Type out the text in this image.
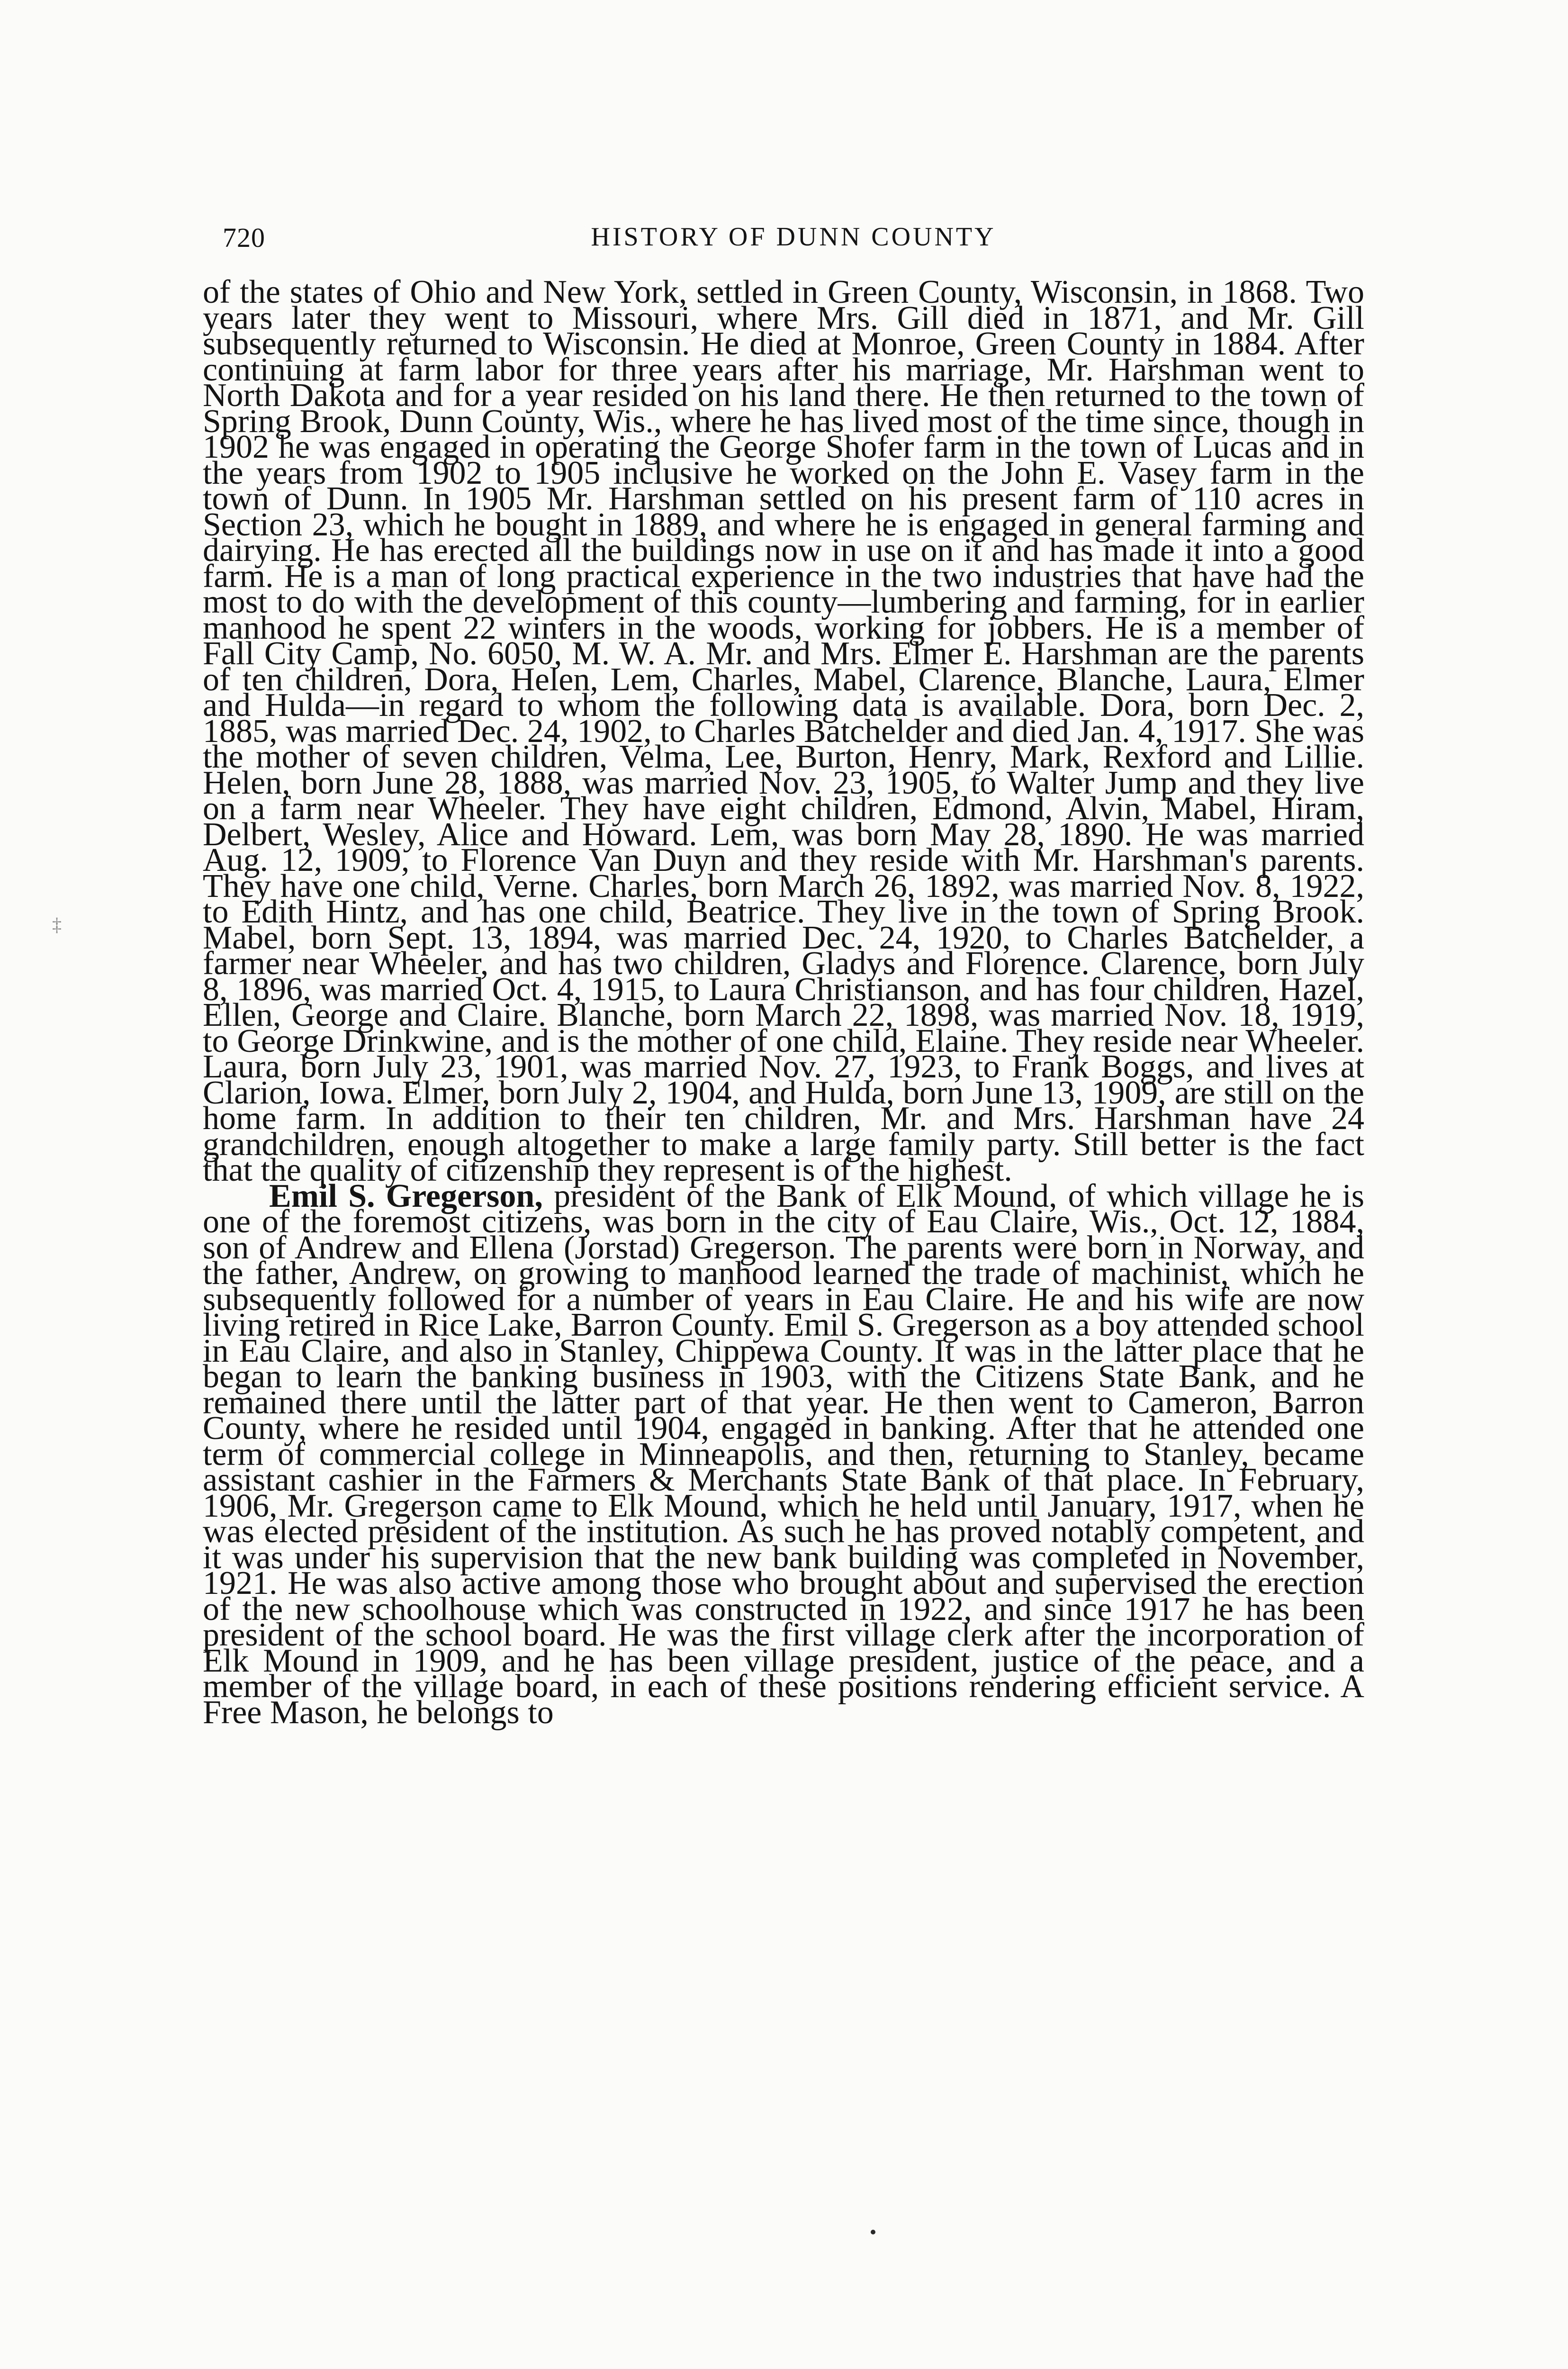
720	HISTORY OF DUNN COUNTY
‡

of the states of Ohio and New York, settled in Green County, Wisconsin, in 1868. Two years later they went to Missouri, where Mrs. Gill died in 1871, and Mr. Gill subsequently returned to Wisconsin. He died at Monroe, Green County in 1884. After continuing at farm labor for three years after his marriage, Mr. Harshman went to North Dakota and for a year resided on his land there. He then returned to the town of Spring Brook, Dunn County, Wis., where he has lived most of the time since, though in 1902 he was engaged in operating the George Shofer farm in the town of Lucas and in the years from 1902 to 1905 inclusive he worked on the John E. Vasey farm in the town of Dunn. In 1905 Mr. Harshman settled on his present farm of 110 acres in Section 23, which he bought in 1889, and where he is engaged in general farming and dairying. He has erected all the buildings now in use on it and has made it into a good farm. He is a man of long practical experience in the two industries that have had the most to do with the development of this county—lumbering and farming, for in earlier manhood he spent 22 winters in the woods, working for jobbers. He is a member of Fall City Camp, No. 6050, M. W. A. Mr. and Mrs. Elmer E. Harshman are the parents of ten children, Dora, Helen, Lem, Charles, Mabel, Clarence, Blanche, Laura, Elmer and Hulda—in regard to whom the following data is available. Dora, born Dec. 2, 1885, was married Dec. 24, 1902, to Charles Batchelder and died Jan. 4, 1917. She was the mother of seven children, Velma, Lee, Burton, Henry, Mark, Rexford and Lillie. Helen, born June 28, 1888, was married Nov. 23, 1905, to Walter Jump and they live on a farm near Wheeler. They have eight children, Edmond, Alvin, Mabel, Hiram, Delbert, Wesley, Alice and Howard. Lem, was born May 28, 1890. He was married Aug. 12, 1909, to Florence Van Duyn and they reside with Mr. Harshman's parents. They have one child, Verne. Charles, born March 26, 1892, was married Nov. 8, 1922, to Edith Hintz, and has one child, Beatrice. They live in the town of Spring Brook. Mabel, born Sept. 13, 1894, was married Dec. 24, 1920, to Charles Batchelder, a farmer near Wheeler, and has two children, Gladys and Florence. Clarence, born July 8, 1896, was married Oct. 4, 1915, to Laura Christianson, and has four children, Hazel, Ellen, George and Claire. Blanche, born March 22, 1898, was married Nov. 18, 1919, to George Drinkwine, and is the mother of one child, Elaine. They reside near Wheeler. Laura, born July 23, 1901, was married Nov. 27, 1923, to Frank Boggs, and lives at Clarion, Iowa. Elmer, born July 2, 1904, and Hulda, born June 13, 1909, are still on the home farm. In addition to their ten children, Mr. and Mrs. Harshman have 24 grandchildren, enough altogether to make a large family party. Still better is the fact that the quality of citizenship they represent is of the highest.

Emil S. Gregerson, president of the Bank of Elk Mound, of which village he is one of the foremost citizens, was born in the city of Eau Claire, Wis., Oct. 12, 1884, son of Andrew and Ellena (Jorstad) Gregerson. The parents were born in Norway, and the father, Andrew, on growing to manhood learned the trade of machinist, which he subsequently followed for a number of years in Eau Claire. He and his wife are now living retired in Rice Lake, Barron County. Emil S. Gregerson as a boy attended school in Eau Claire, and also in Stanley, Chippewa County. It was in the latter place that he began to learn the banking business in 1903, with the Citizens State Bank, and he remained there until the latter part of that year. He then went to Cameron, Barron County, where he resided until 1904, engaged in banking. After that he attended one term of commercial college in Minneapolis, and then, returning to Stanley, became assistant cashier in the Farmers & Merchants State Bank of that place. In February, 1906, Mr. Gregerson came to Elk Mound, which he held until January, 1917, when he was elected president of the institution. As such he has proved notably competent, and it was under his supervision that the new bank building was completed in November, 1921. He was also active among those who brought about and supervised the erection of the new schoolhouse which was constructed in 1922, and since 1917 he has been president of the school board. He was the first village clerk after the incorporation of Elk Mound in 1909, and he has been village president, justice of the peace, and a member of the village board, in each of these positions rendering efficient service. A Free Mason, he belongs to
